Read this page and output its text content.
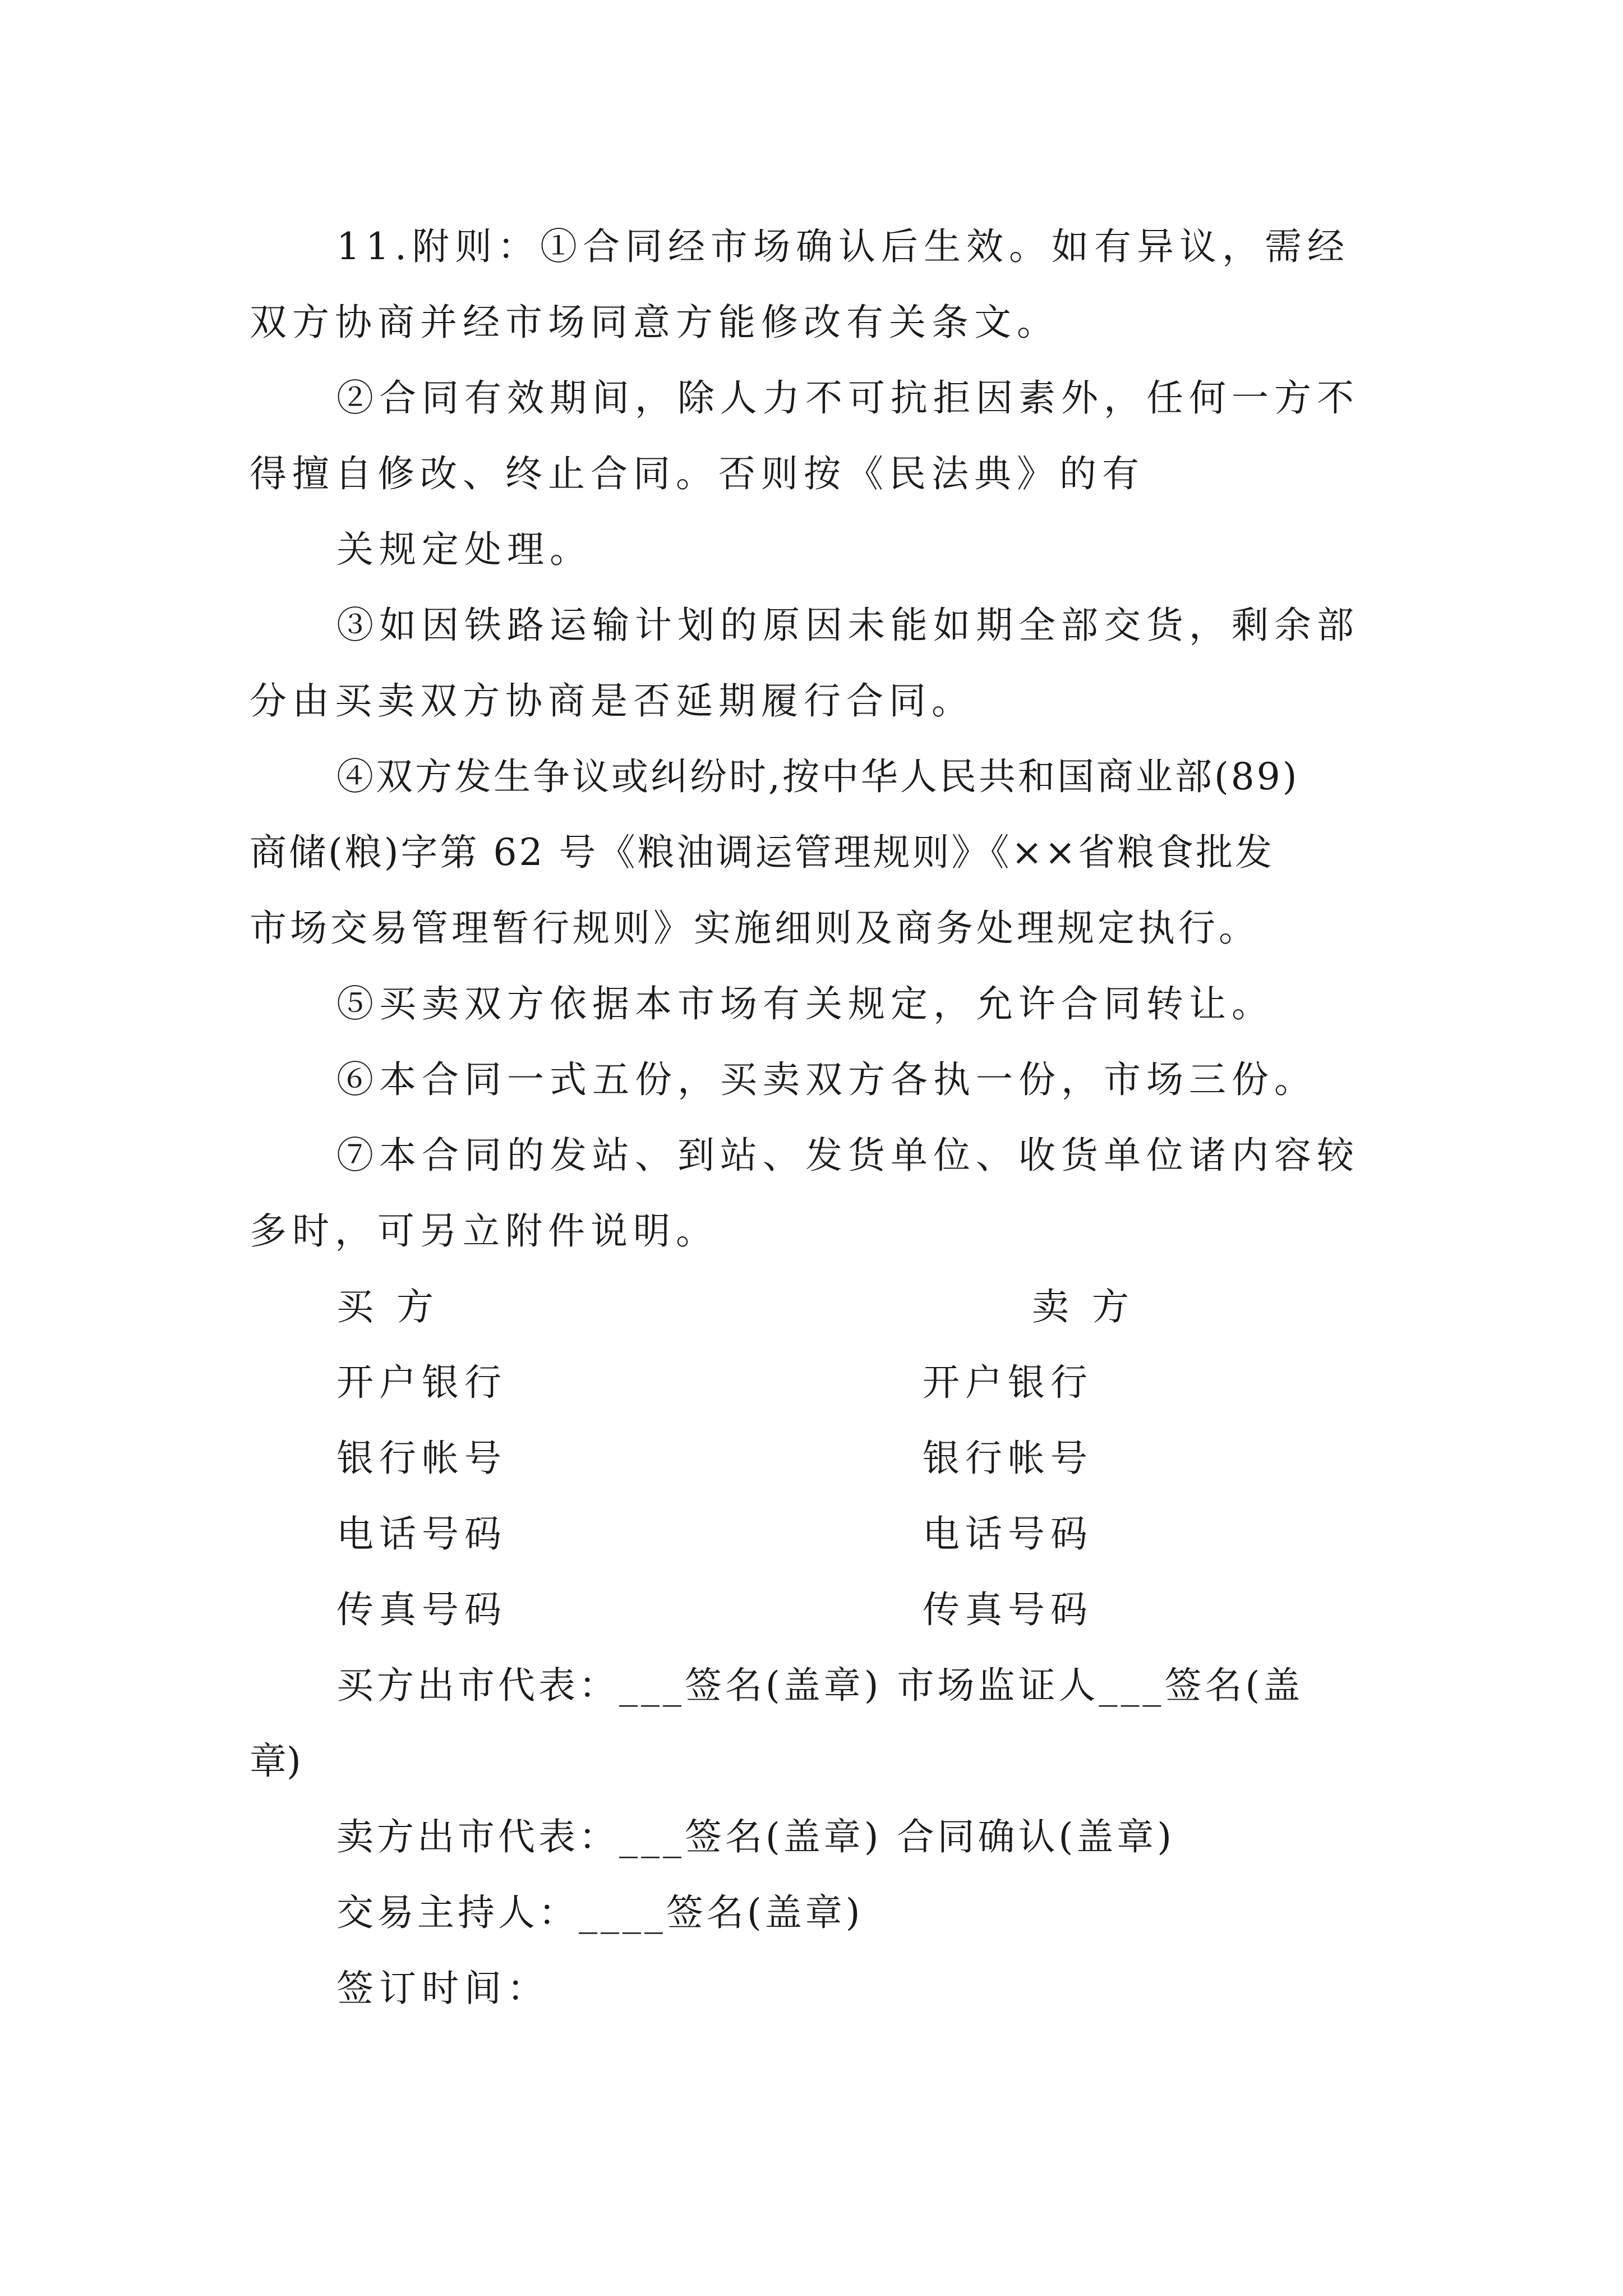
11.附则：①合同经市场确认后生效。如有异议，需经
双方协商并经市场同意方能修改有关条文。
②合同有效期间，除人力不可抗拒因素外，任何一方不
得擅自修改、终止合同。否则按《民法典》的有
关规定处理。
③如因铁路运输计划的原因未能如期全部交货，剩余部
分由买卖双方协商是否延期履行合同。
④双方发生争议或纠纷时,按中华人民共和国商业部(89)
商储(粮)字第 62 号《粮油调运管理规则》《××省粮食批发
市场交易管理暂行规则》实施细则及商务处理规定执行。
⑤买卖双方依据本市场有关规定，允许合同转让。
⑥本合同一式五份，买卖双方各执一份，市场三份。
⑦本合同的发站、到站、发货单位、收货单位诸内容较
多时，可另立附件说明。
买 方	卖 方
开户银行	开户银行
银行帐号	银行帐号
电话号码	电话号码
传真号码	传真号码
买方出市代表：___签名(盖章) 市场监证人___签名(盖
章)
卖方出市代表：___签名(盖章) 合同确认(盖章)
交易主持人：____签名(盖章)
签订时间：
